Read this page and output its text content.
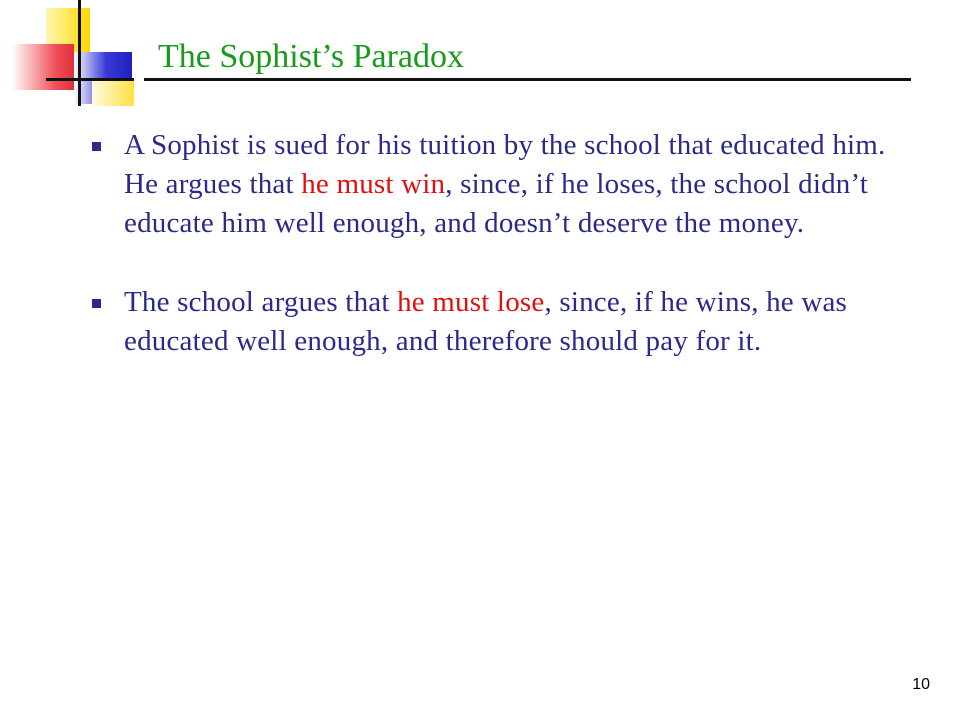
The Sophist’s Paradox
A Sophist is sued for his tuition by the school that educated him. He argues that he must win, since, if he loses, the school didn’t educate him well enough, and doesn’t deserve the money.
The school argues that he must lose, since, if he wins, he was educated well enough, and therefore should pay for it.
10
